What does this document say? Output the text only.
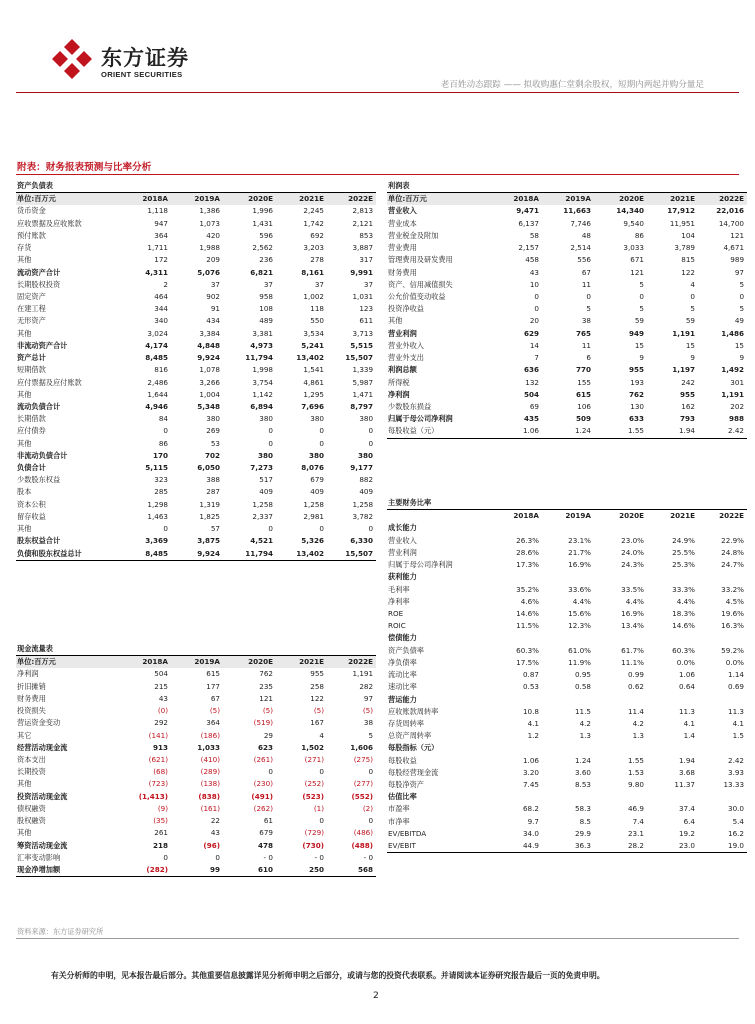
东方证券
ORIENT SECURITIES
老百姓动态跟踪 —— 拟收购惠仁堂剩余股权，短期内两起并购分量足
附表：财务报表预测与比率分析
资产负债表					
单位:百万元	2018A	2019A	2020E	2021E	2022E
货币资金	1,118	1,386	1,996	2,245	2,813
应收票据及应收账款	947	1,073	1,431	1,742	2,121
预付账款	364	420	596	692	853
存货	1,711	1,988	2,562	3,203	3,887
其他	172	209	236	278	317
流动资产合计	4,311	5,076	6,821	8,161	9,991
长期股权投资	2	37	37	37	37
固定资产	464	902	958	1,002	1,031
在建工程	344	91	108	118	123
无形资产	340	434	489	550	611
其他	3,024	3,384	3,381	3,534	3,713
非流动资产合计	4,174	4,848	4,973	5,241	5,515
资产总计	8,485	9,924	11,794	13,402	15,507
短期借款	816	1,078	1,998	1,541	1,339
应付票据及应付账款	2,486	3,266	3,754	4,861	5,987
其他	1,644	1,004	1,142	1,295	1,471
流动负债合计	4,946	5,348	6,894	7,696	8,797
长期借款	84	380	380	380	380
应付债券	0	269	0	0	0
其他	86	53	0	0	0
非流动负债合计	170	702	380	380	380
负债合计	5,115	6,050	7,273	8,076	9,177
少数股东权益	323	388	517	679	882
股本	285	287	409	409	409
资本公积	1,298	1,319	1,258	1,258	1,258
留存收益	1,463	1,825	2,337	2,981	3,782
其他	0	57	0	0	0
股东权益合计	3,369	3,875	4,521	5,326	6,330
负债和股东权益总计	8,485	9,924	11,794	13,402	15,507
现金流量表					
单位:百万元	2018A	2019A	2020E	2021E	2022E
净利润	504	615	762	955	1,191
折旧摊销	215	177	235	258	282
财务费用	43	67	121	122	97
投资损失	(0)	(5)	(5)	(5)	(5)
营运资金变动	292	364	(519)	167	38
其它	(141)	(186)	29	4	5
经营活动现金流	913	1,033	623	1,502	1,606
资本支出	(621)	(410)	(261)	(271)	(275)
长期投资	(68)	(289)	0	0	0
其他	(723)	(138)	(230)	(252)	(277)
投资活动现金流	(1,413)	(838)	(491)	(523)	(552)
债权融资	(9)	(161)	(262)	(1)	(2)
股权融资	(35)	22	61	0	0
其他	261	43	679	(729)	(486)
筹资活动现金流	218	(96)	478	(730)	(488)
汇率变动影响	0	0	- 0	- 0	- 0
现金净增加额	(282)	99	610	250	568
利润表					
单位:百万元	2018A	2019A	2020E	2021E	2022E
营业收入	9,471	11,663	14,340	17,912	22,016
营业成本	6,137	7,746	9,540	11,951	14,700
营业税金及附加	58	48	86	104	121
营业费用	2,157	2,514	3,033	3,789	4,671
管理费用及研发费用	458	556	671	815	989
财务费用	43	67	121	122	97
资产、信用减值损失	10	11	5	4	5
公允价值变动收益	0	0	0	0	0
投资净收益	0	5	5	5	5
其他	20	38	59	59	49
营业利润	629	765	949	1,191	1,486
营业外收入	14	11	15	15	15
营业外支出	7	6	9	9	9
利润总额	636	770	955	1,197	1,492
所得税	132	155	193	242	301
净利润	504	615	762	955	1,191
少数股东损益	69	106	130	162	202
归属于母公司净利润	435	509	633	793	988
每股收益（元）	1.06	1.24	1.55	1.94	2.42
主要财务比率					
	2018A	2019A	2020E	2021E	2022E
成长能力					
营业收入	26.3%	23.1%	23.0%	24.9%	22.9%
营业利润	28.6%	21.7%	24.0%	25.5%	24.8%
归属于母公司净利润	17.3%	16.9%	24.3%	25.3%	24.7%
获利能力					
毛利率	35.2%	33.6%	33.5%	33.3%	33.2%
净利率	4.6%	4.4%	4.4%	4.4%	4.5%
ROE	14.6%	15.6%	16.9%	18.3%	19.6%
ROIC	11.5%	12.3%	13.4%	14.6%	16.3%
偿债能力					
资产负债率	60.3%	61.0%	61.7%	60.3%	59.2%
净负债率	17.5%	11.9%	11.1%	0.0%	0.0%
流动比率	0.87	0.95	0.99	1.06	1.14
速动比率	0.53	0.58	0.62	0.64	0.69
营运能力					
应收账款周转率	10.8	11.5	11.4	11.3	11.3
存货周转率	4.1	4.2	4.2	4.1	4.1
总资产周转率	1.2	1.3	1.3	1.4	1.5
每股指标（元）					
每股收益	1.06	1.24	1.55	1.94	2.42
每股经营现金流	3.20	3.60	1.53	3.68	3.93
每股净资产	7.45	8.53	9.80	11.37	13.33
估值比率					
市盈率	68.2	58.3	46.9	37.4	30.0
市净率	9.7	8.5	7.4	6.4	5.4
EV/EBITDA	34.0	29.9	23.1	19.2	16.2
EV/EBIT	44.9	36.3	28.2	23.0	19.0
资料来源：东方证券研究所
有关分析师的申明，见本报告最后部分。其他重要信息披露详见分析师申明之后部分，或请与您的投资代表联系。并请阅读本证券研究报告最后一页的免责申明。
2
